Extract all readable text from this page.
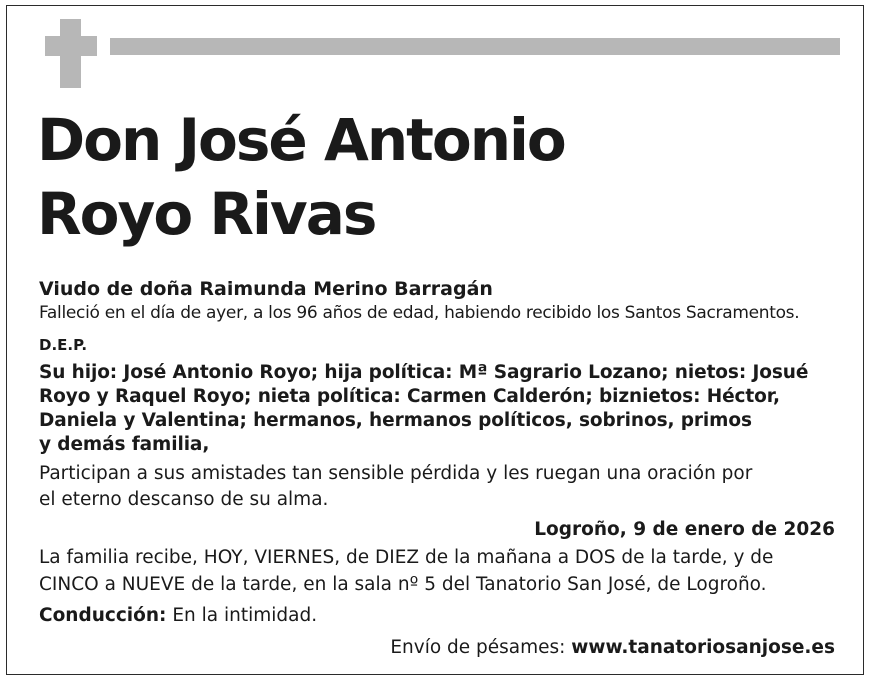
Don José Antonio
Royo Rivas

Viudo de doña Raimunda Merino Barragán

Falleció en el día de ayer, a los 96 años de edad, habiendo recibido los Santos Sacramentos.

D.E.P.

Su hijo: José Antonio Royo; hija política: Mª Sagrario Lozano; nietos: Josué

Royo y Raquel Royo; nieta política: Carmen Calderón; biznietos: Héctor,

Daniela y Valentina; hermanos, hermanos políticos, sobrinos, primos

y demás familia,

Participan a sus amistades tan sensible pérdida y les ruegan una oración por

el eterno descanso de su alma.

Logroño, 9 de enero de 2026

La familia recibe, HOY, VIERNES, de DIEZ de la mañana a DOS de la tarde, y de

CINCO a NUEVE de la tarde, en la sala nº 5 del Tanatorio San José, de Logroño.

Conducción: En la intimidad.

Envío de pésames: www.tanatoriosanjose.es
